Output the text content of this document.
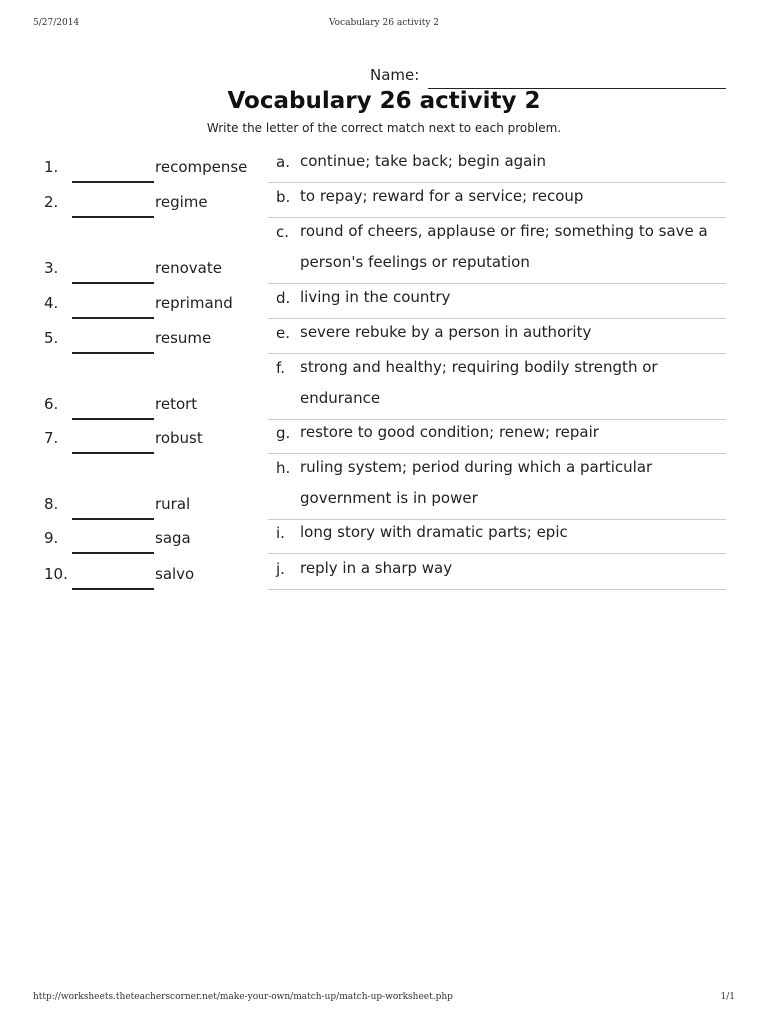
5/27/2014	Vocabulary 26 activity 2
Name:
Vocabulary 26 activity 2
Write the letter of the correct match next to each problem.
1.	recompense a. continue; take back; begin again
2.	regime	b. to repay; reward for a service; recoup
3.	renovate
c. round of cheers, applause or fire; something to save a person's feelings or reputation
4.	reprimand	d. living in the country
5.	resume	e. severe rebuke by a person in authority
6.	retort
f. strong and healthy; requiring bodily strength or endurance
7.	robust	g. restore to good condition; renew; repair
8.	rural
h. ruling system; period during which a particular government is in power
9.	saga	i. long story with dramatic parts; epic
10.	salvo	j. reply in a sharp way
http://worksheets.theteacherscorner.net/make-your-own/match-up/match-up-worksheet.php	1/1
